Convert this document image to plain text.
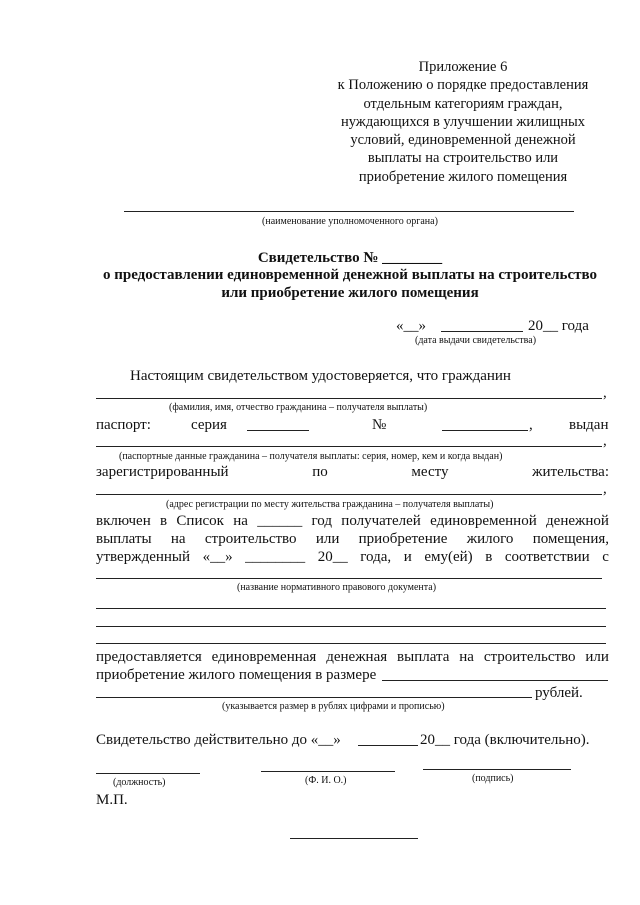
Приложение 6
к Положению о порядке предоставления
отдельным категориям граждан,
нуждающихся в улучшении жилищных
условий, единовременной денежной
выплаты на строительство или
приобретение жилого помещения
(наименование уполномоченного органа)
Свидетельство № ________
о предоставлении единовременной денежной выплаты на строительство
или приобретение жилого помещения
«__»	20__ года
(дата выдачи свидетельства)
Настоящим свидетельством удостоверяется, что гражданин
,
(фамилия, имя, отчество гражданина – получателя выплаты)
паспорт:	серия	№	, выдан
,
(паспортные данные гражданина – получателя выплаты: серия, номер, кем и когда выдан)
зарегистрированный	по	месту	жительства:
,
(адрес регистрации по месту жительства гражданина – получателя выплаты)
включен в Список на ______ год получателей единовременной денежной
выплаты на строительство или приобретение жилого помещения,
утвержденный «__» ________ 20__ года, и ему(ей) в соответствии с
(название нормативного правового документа)
предоставляется единовременная денежная выплата на строительство или
приобретение жилого помещения в размере
рублей.
(указывается размер в рублях цифрами и прописью)
Свидетельство действительно до «__»	20__ года (включительно).
(должность)	(Ф. И. О.)	(подпись)
М.П.
